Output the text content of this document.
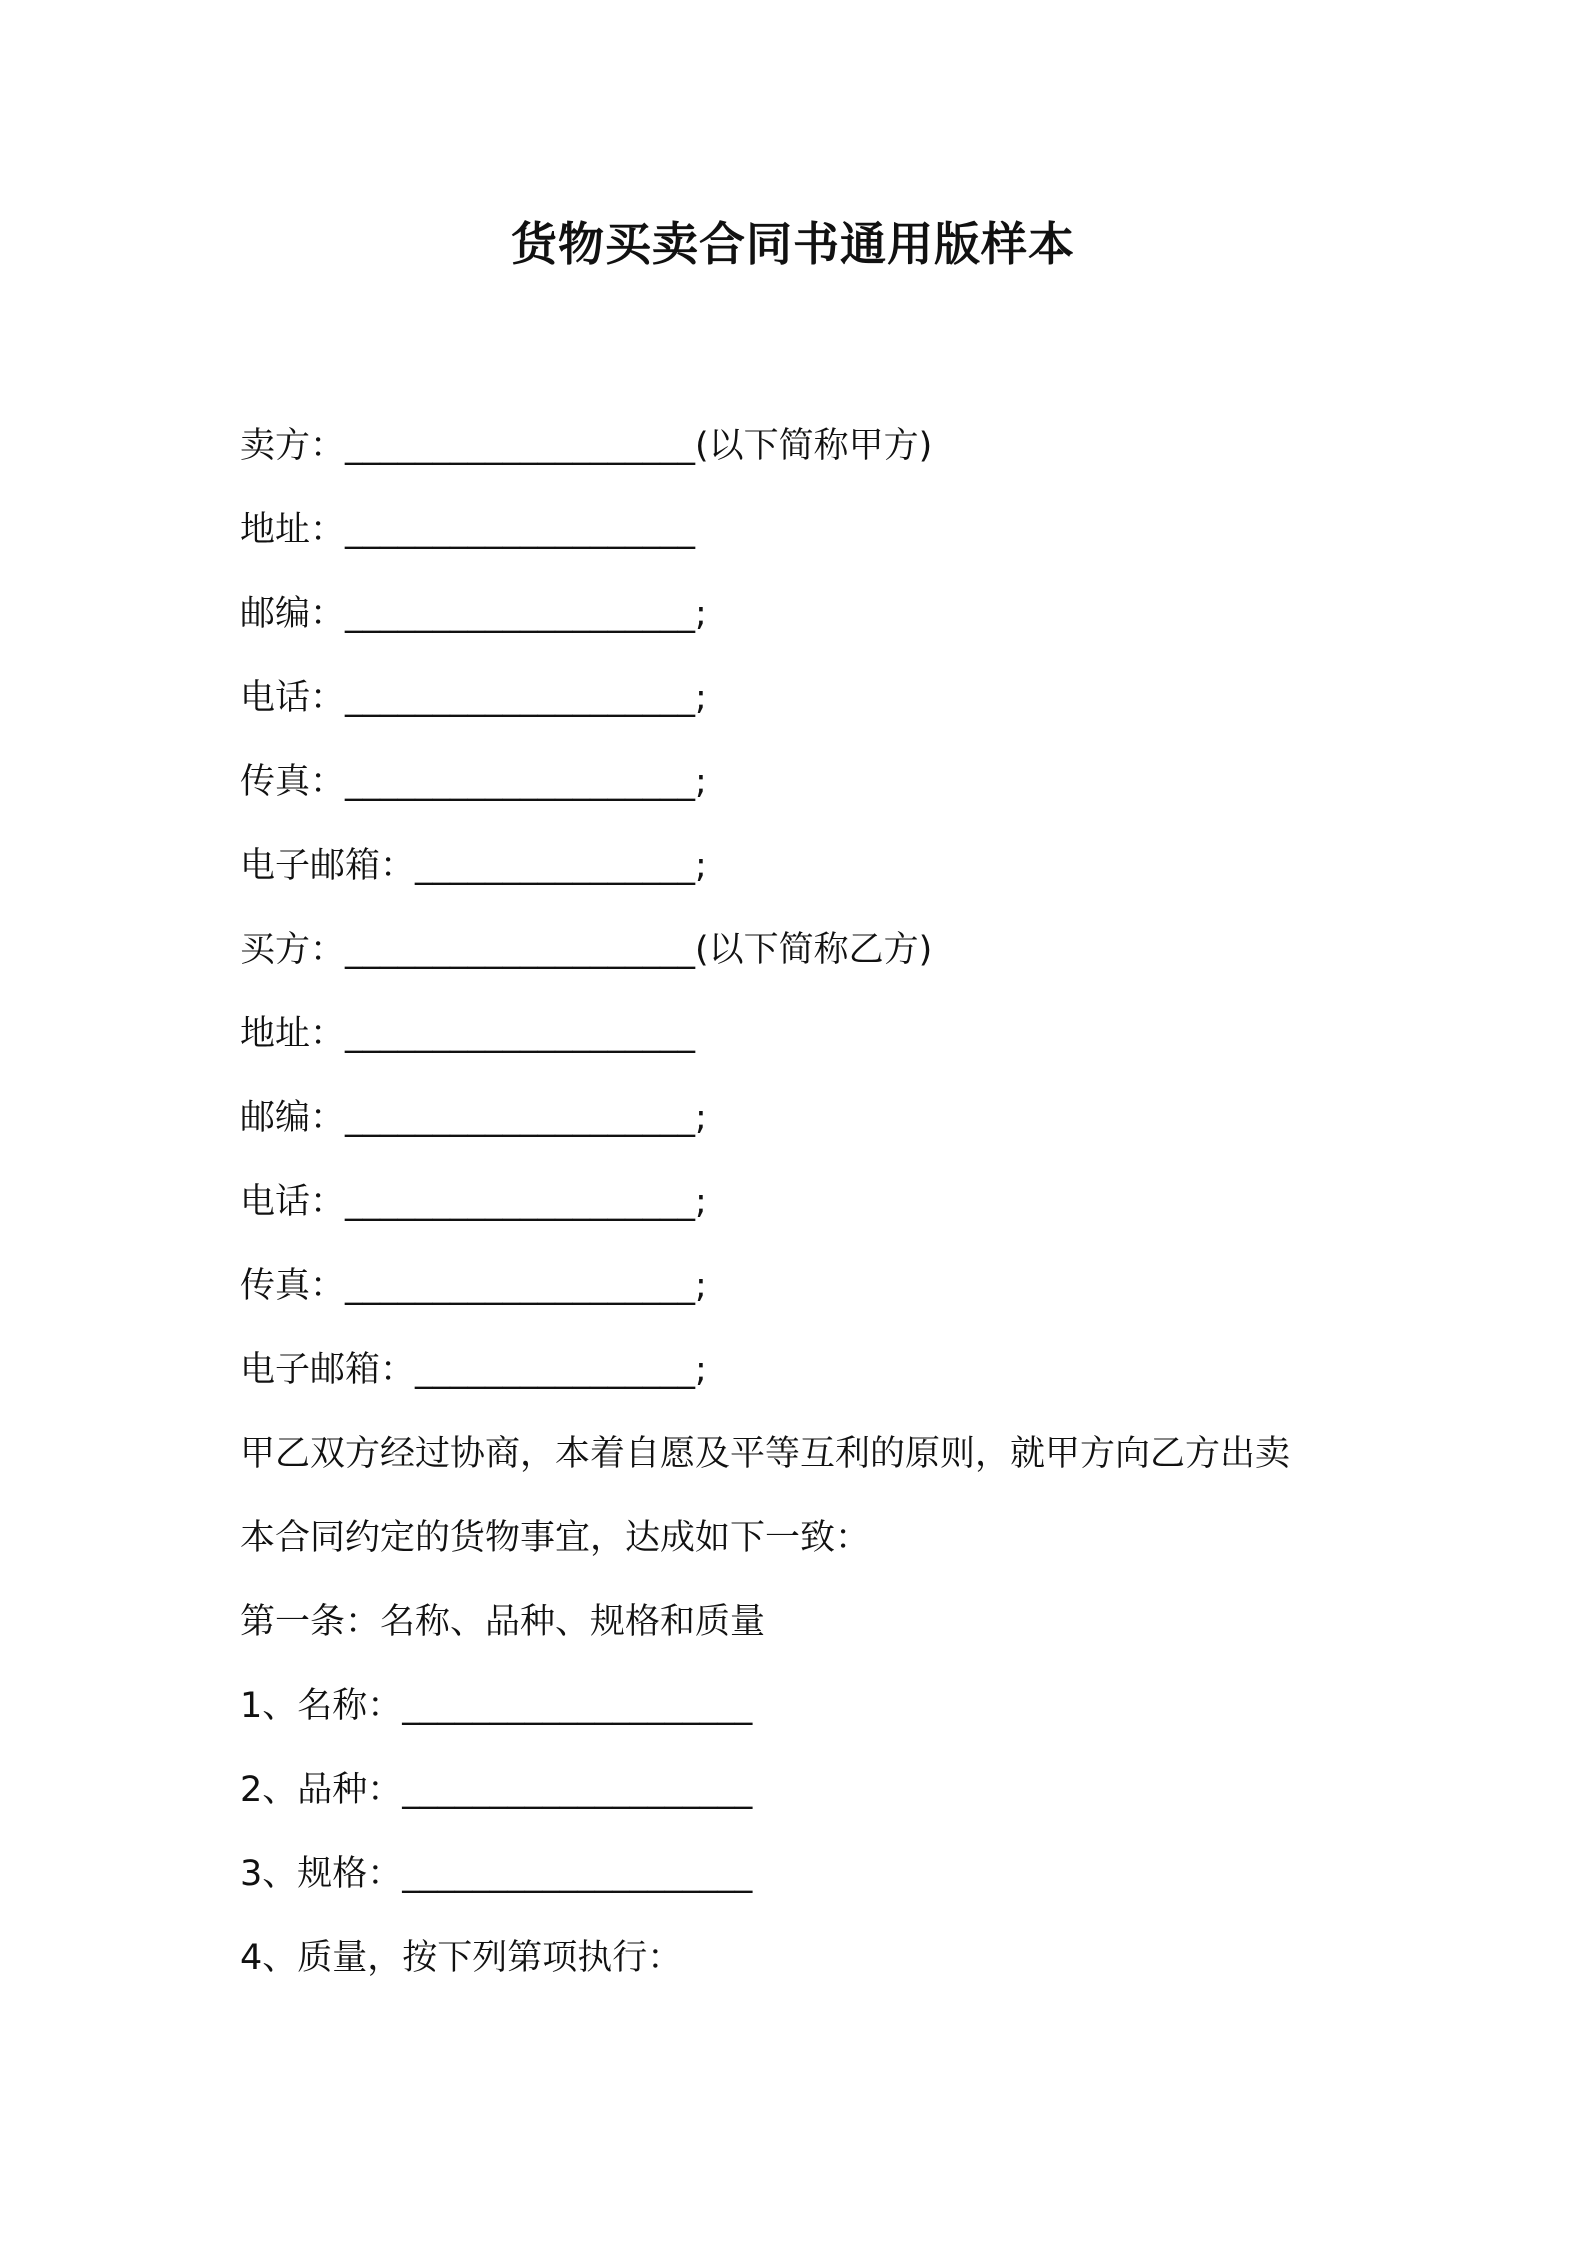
货物买卖合同书通用版样本
卖方：____________________(以下简称甲方)
地址：____________________
邮编：____________________;
电话：____________________;
传真：____________________;
电子邮箱：________________;
买方：____________________(以下简称乙方)
地址：____________________
邮编：____________________;
电话：____________________;
传真：____________________;
电子邮箱：________________;
甲乙双方经过协商，本着自愿及平等互利的原则，就甲方向乙方出卖
本合同约定的货物事宜，达成如下一致：
第一条：名称、品种、规格和质量
1、名称：____________________
2、品种：____________________
3、规格：____________________
4、质量，按下列第项执行：
